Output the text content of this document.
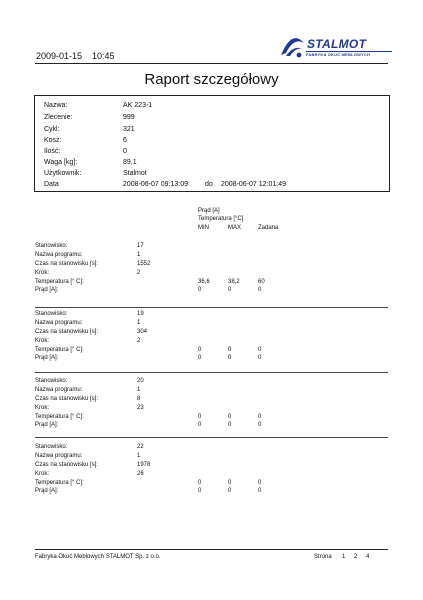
2009-01-15 10:45
STALMOT
FABRYKA OKUĆ MEBLOWYCH
Raport szczegółowy
Nazwa:	AK 223-1
Zlecenie:	999
Cykl:	321
Kosz:	6
Ilość:	0
Waga [kg]:	89,1
Użytkownik:	Stalmot
Data	2008-06-07 09:13:09 do 2008-06-07 12:01:49
Prąd [A]
Temperatura [°C]
MIN	MAX	Zadana
Stanowisko:	17
Nazwa programu:	1
Czas na stanowisku [s]:	1552
Krok:	2
Temperatura [° C]:	36,6	38,2	60
Prąd [A]:	0	0	0
Stanowisko:	19
Nazwa programu:	1
Czas na stanowisku [s]:	304
Krok:	2
Temperatura [° C]:	0	0	0
Prąd [A]:	0	0	0
Stanowisko:	20
Nazwa programu:	1
Czas na stanowisku [s]:	8
Krok:	23
Temperatura [° C]:	0	0	0
Prąd [A]:	0	0	0
Stanowisko:	22
Nazwa programu:	1
Czas na stanowisku [s]:	1978
Krok:	26
Temperatura [° C]:	0	0	0
Prąd [A]:	0	0	0
Fabryka Okuć Meblowych STALMOT Sp. z o.o.	Strona 1 2 4
